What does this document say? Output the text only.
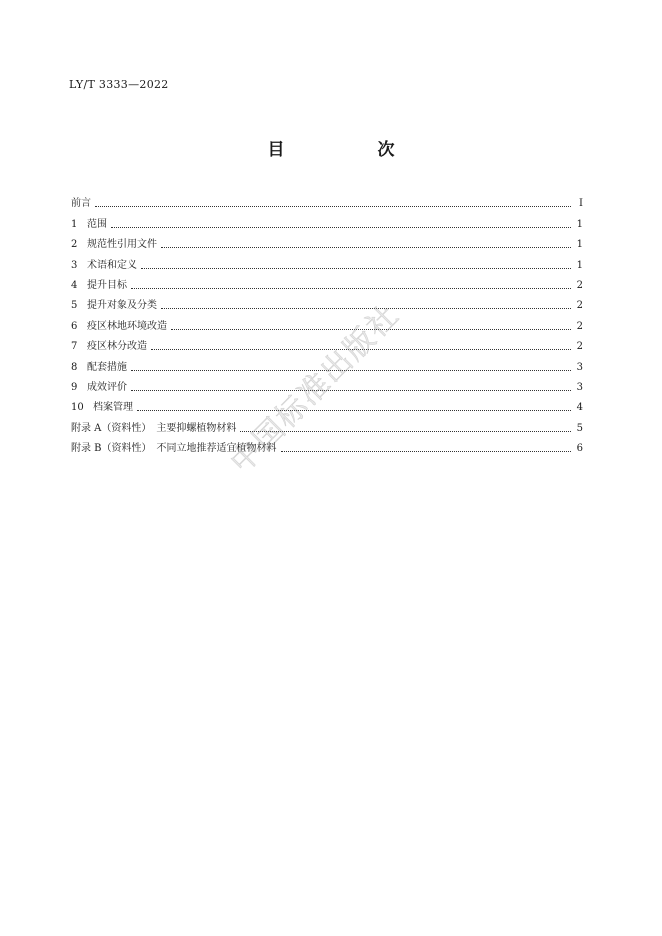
LY/T 3333—2022
目　次
前言	I
1 范围	1
2 规范性引用文件	1
3 术语和定义	1
4 提升目标	2
5 提升对象及分类	2
6 疫区林地环境改造	2
7 疫区林分改造	2
8 配套措施	3
9 成效评价	3
10 档案管理	4
附录 A（资料性）　主要抑螺植物材料	5
附录 B（资料性）　不同立地推荐适宜植物材料	6
中国标准出版社
